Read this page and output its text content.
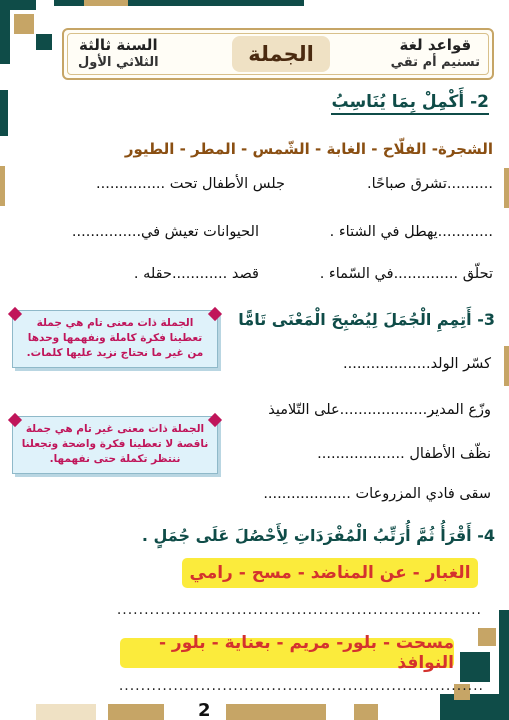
قواعد لغة
تسنيم أم تقي
الجملة
السنة ثالثة
الثلاثي الأول
2- أَكْمِلْ بِمَا يُنَاسِبُ
الشجرة- الفلّاح - الغابة - الشّمس - المطر - الطيور
..........تشرق صباحًا.
جلس الأطفال تحت ...............
............يهطل في الشتاء .
الحيوانات تعيش في...............
تحلّق ..............في السّماء .
قصد ............حقله .
3- أَتِمِمِ الْجُمَلَ لِيُصْبِحَ الْمَعْنَى تَامًّا
الجملة ذات معنى تام هي جملة تعطينا فكرة كاملة ونفهمها وحدها من غير ما نحتاج نزيد عليها كلمات.
الجملة ذات معنى غير تام هي جملة ناقصة لا تعطينا فكرة واضحة وتجعلنا ننتظر تكملة حتى نفهمها.
كسّر الولد...................
وزّع المدير...................على التّلاميذ
نظّف الأطفال ...................
سقى فادي المزروعات ...................
4- أَقْرَأُ ثُمَّ أُرَتِّبُ الْمُفْرَدَاتِ لِأَحْصُلَ عَلَى جُمَلٍ .
الغبار - عن المناضد - مسح - رامي
...................................................................
مسحت - بلور- مريم - بعناية - بلور - النوافذ
...................................................................
2
